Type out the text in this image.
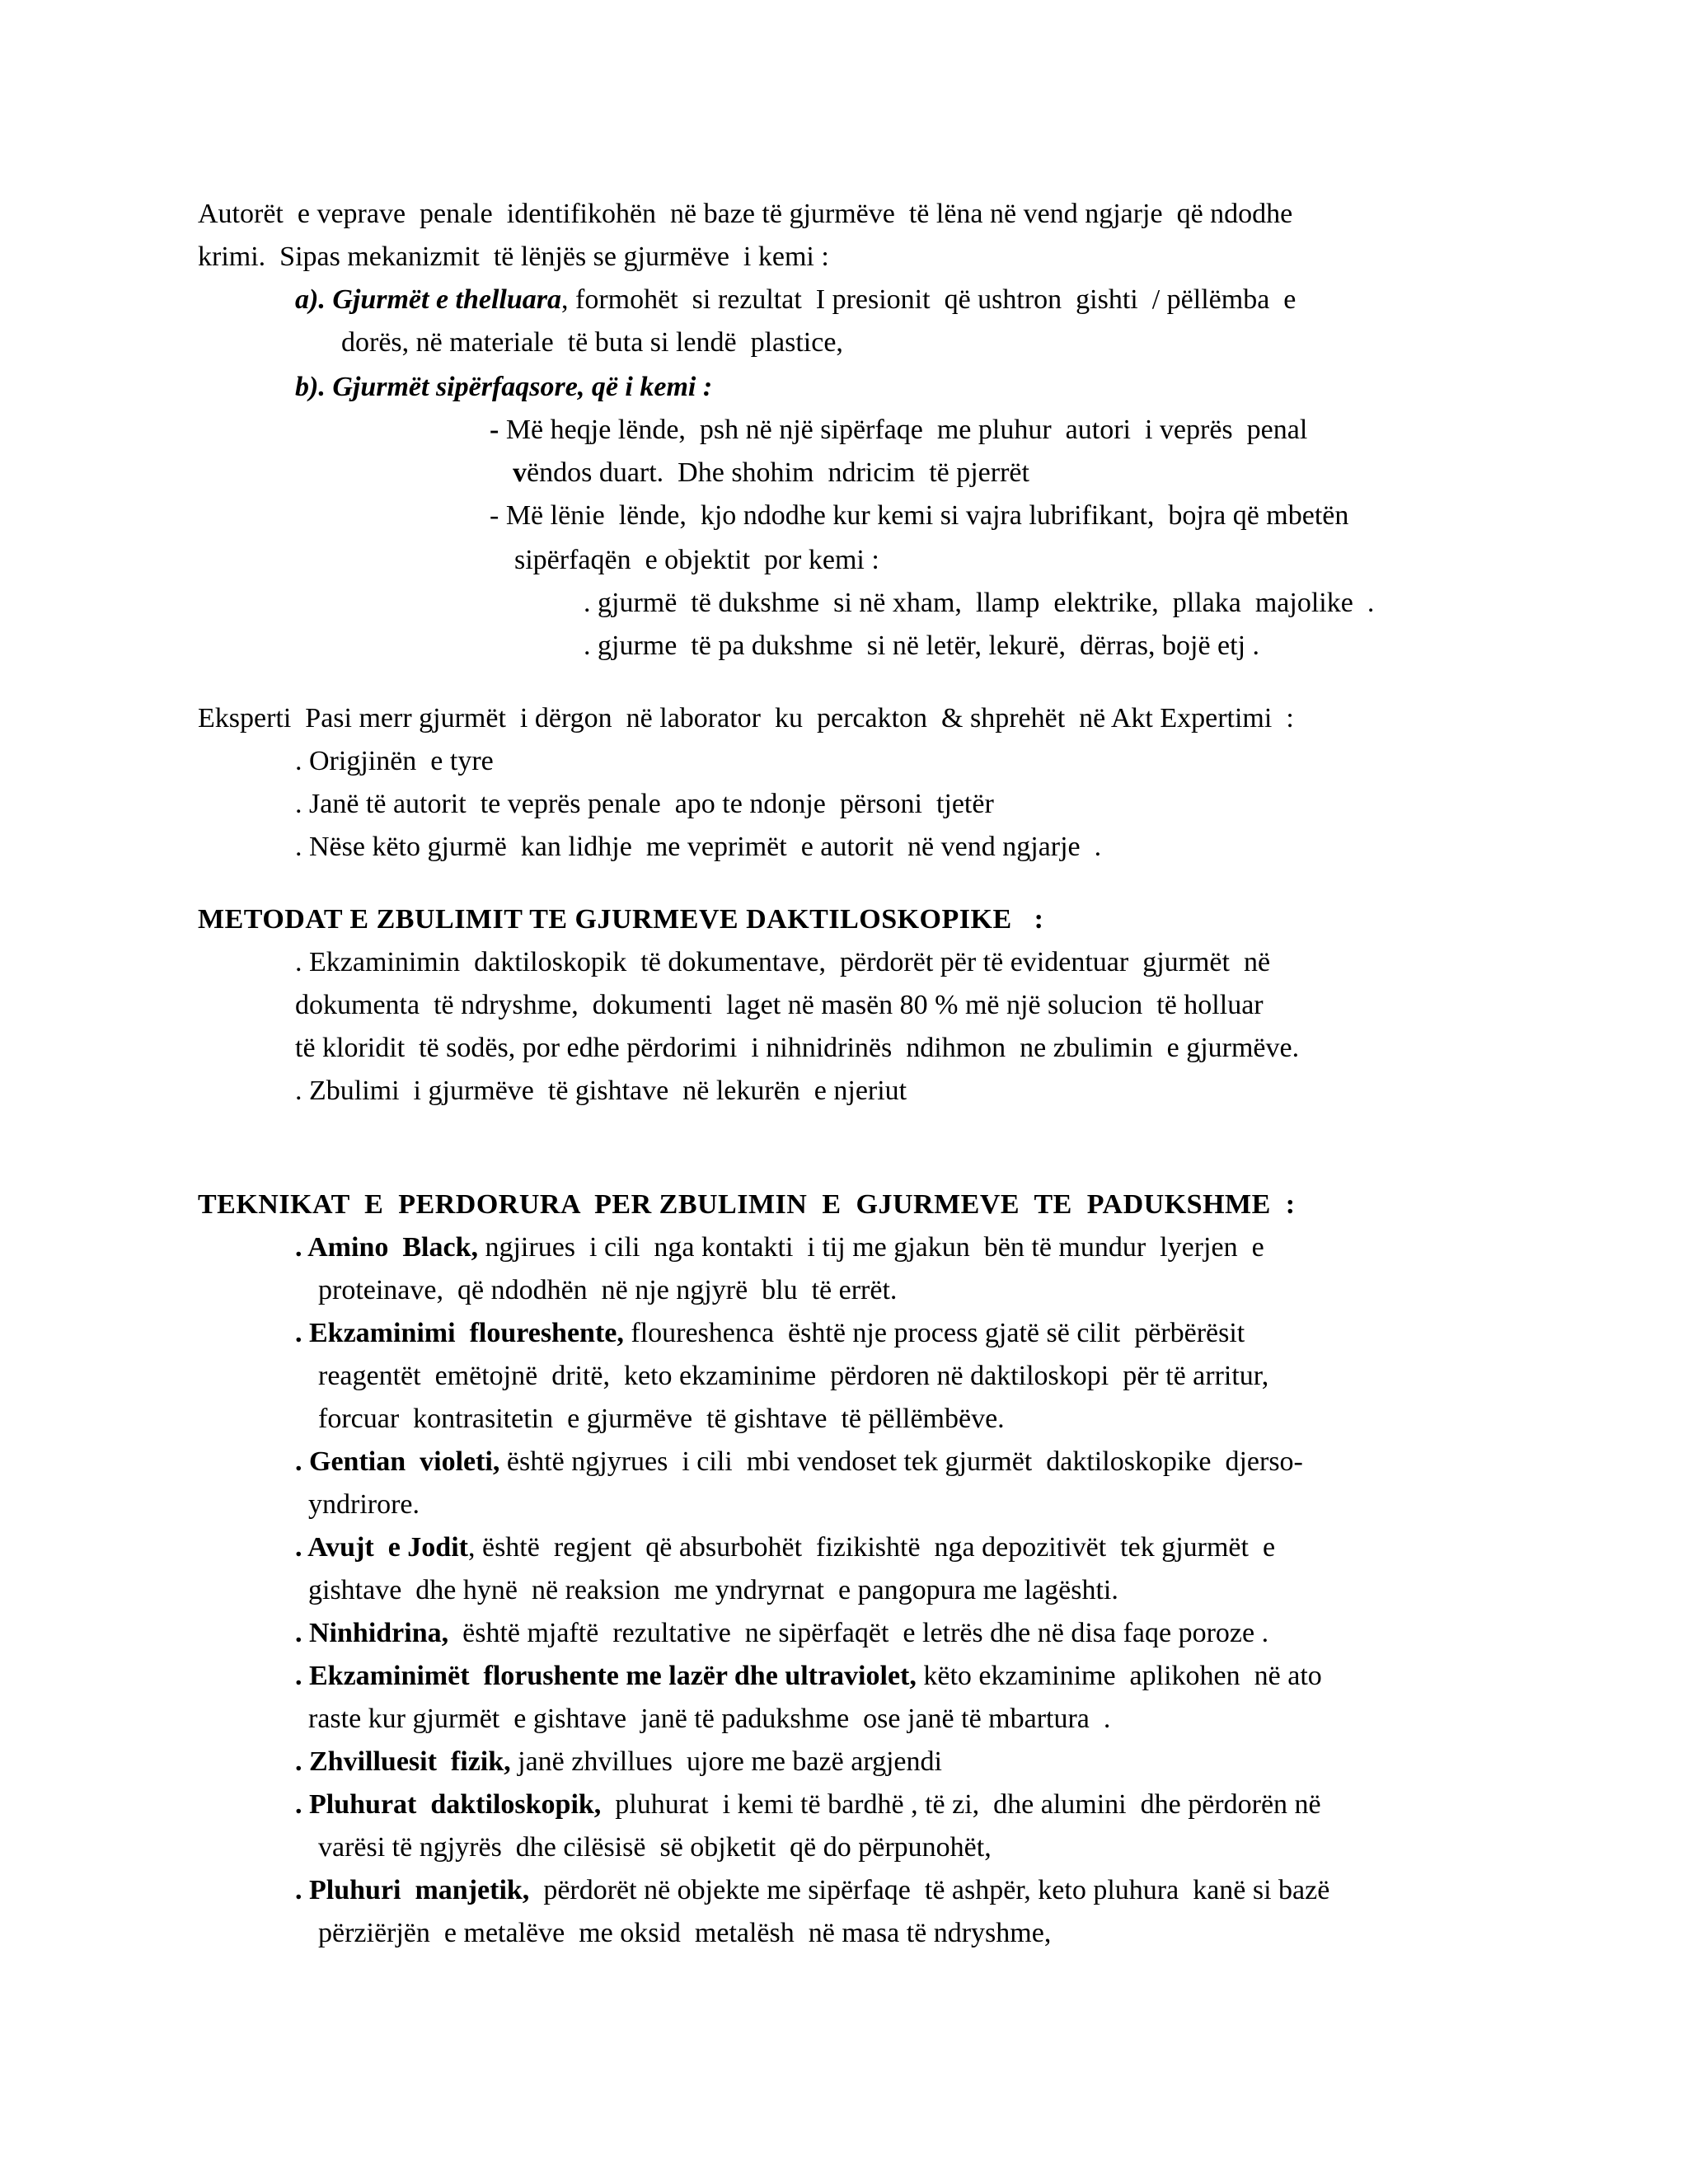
Autorët  e veprave  penale  identifikohën  në baze të gjurmëve  të lëna në vend ngjarje  që ndodhe
krimi.  Sipas mekanizmit  të lënjës se gjurmëve  i kemi :
a). Gjurmët e thelluara, formohët  si rezultat  I presionit  që ushtron  gishti  / pëllëmba  e
dorës, në materiale  të buta si lendë  plastice,
b). Gjurmët sipërfaqsore, që i kemi :
- Më heqje lënde,  psh në një sipërfaqe  me pluhur  autori  i veprës  penal
vëndos duart.  Dhe shohim  ndricim  të pjerrët
- Më lënie  lënde,  kjo ndodhe kur kemi si vajra lubrifikant,  bojra që mbetën
sipërfaqën  e objektit  por kemi :
. gjurmë  të dukshme  si në xham,  llamp  elektrike,  pllaka  majolike  .
. gjurme  të pa dukshme  si në letër, lekurë,  dërras, bojë etj .
Eksperti  Pasi merr gjurmët  i dërgon  në laborator  ku  percakton  & shprehët  në Akt Expertimi  :
. Origjinën  e tyre
. Janë të autorit  te veprës penale  apo te ndonje  përsoni  tjetër
. Nëse këto gjurmë  kan lidhje  me veprimët  e autorit  në vend ngjarje  .
METODAT E ZBULIMIT TE GJURMEVE DAKTILOSKOPIKE   :
. Ekzaminimin  daktiloskopik  të dokumentave,  përdorët për të evidentuar  gjurmët  në
dokumenta  të ndryshme,  dokumenti  laget në masën 80 % më një solucion  të holluar
të kloridit  të sodës, por edhe përdorimi  i nihnidrinës  ndihmon  ne zbulimin  e gjurmëve.
. Zbulimi  i gjurmëve  të gishtave  në lekurën  e njeriut
TEKNIKAT  E  PERDORURA  PER ZBULIMIN  E  GJURMEVE  TE  PADUKSHME  :
. Amino  Black, ngjirues  i cili  nga kontakti  i tij me gjakun  bën të mundur  lyerjen  e
proteinave,  që ndodhën  në nje ngjyrë  blu  të errët.
. Ekzaminimi  floureshente, floureshenca  është nje process gjatë së cilit  përbërësit
reagentët  emëtojnë  dritë,  keto ekzaminime  përdoren në daktiloskopi  për të arritur,
forcuar  kontrasitetin  e gjurmëve  të gishtave  të pëllëmbëve.
. Gentian  violeti, është ngjyrues  i cili  mbi vendoset tek gjurmët  daktiloskopike  djerso-
yndrirore.
. Avujt  e Jodit, është  regjent  që absurbohët  fizikishtë  nga depozitivët  tek gjurmët  e
gishtave  dhe hynë  në reaksion  me yndryrnat  e pangopura me lagështi.
. Ninhidrina,  është mjaftë  rezultative  ne sipërfaqët  e letrës dhe në disa faqe poroze .
. Ekzaminimët  florushente me lazër dhe ultraviolet, këto ekzaminime  aplikohen  në ato
raste kur gjurmët  e gishtave  janë të padukshme  ose janë të mbartura  .
. Zhvilluesit  fizik, janë zhvillues  ujore me bazë argjendi
. Pluhurat  daktiloskopik,  pluhurat  i kemi të bardhë , të zi,  dhe alumini  dhe përdorën në
varësi të ngjyrës  dhe cilësisë  së objketit  që do përpunohët,
. Pluhuri  manjetik,  përdorët në objekte me sipërfaqe  të ashpër, keto pluhura  kanë si bazë
përziërjën  e metalëve  me oksid  metalësh  në masa të ndryshme,
